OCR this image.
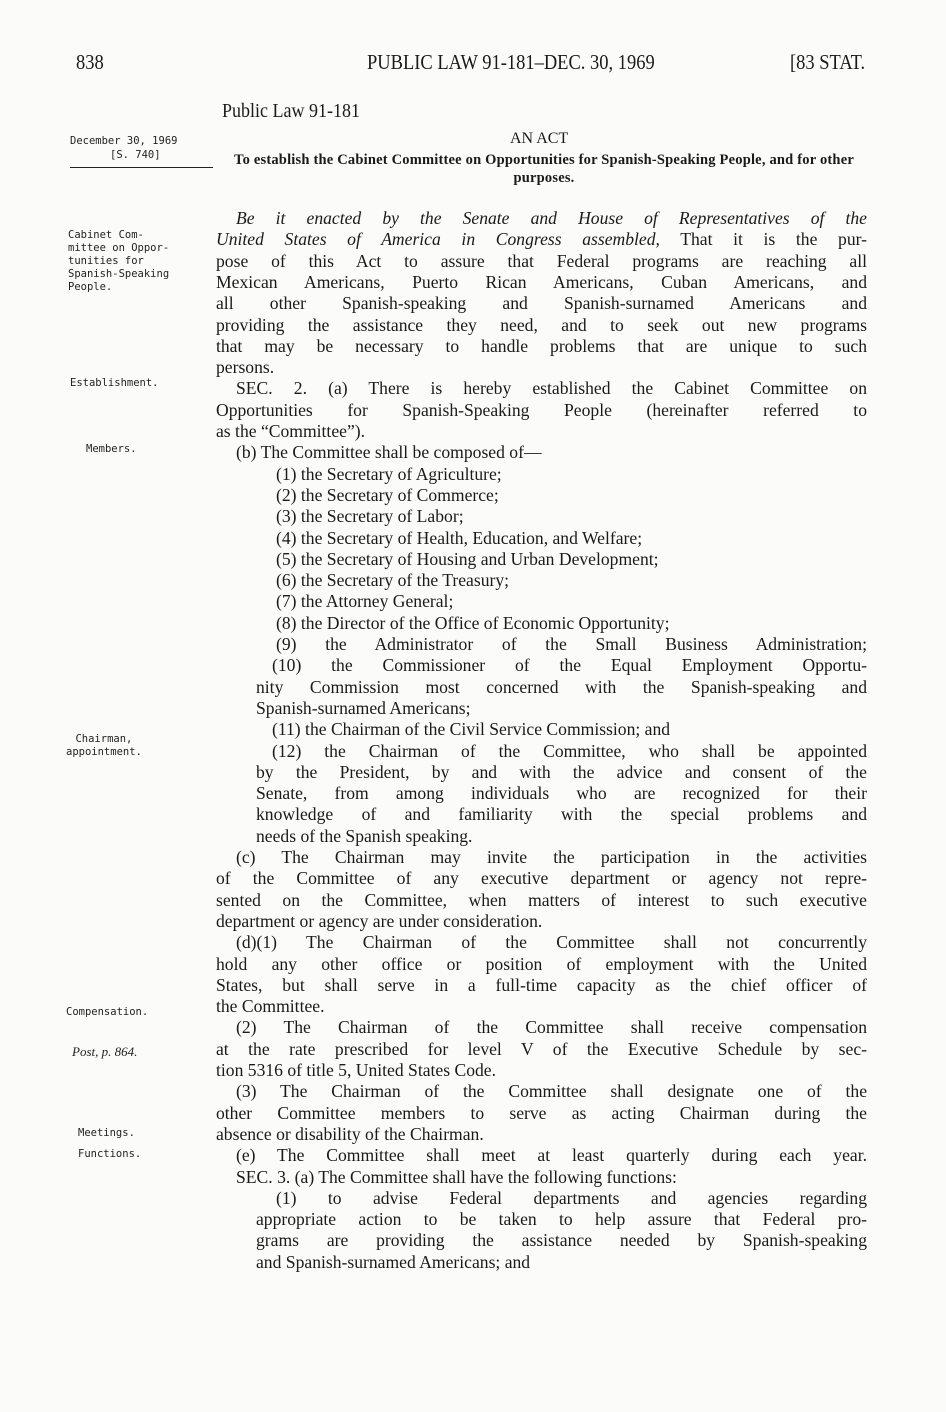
838	PUBLIC LAW 91-181–DEC. 30, 1969	[83 STAT.
Public Law 91-181
AN ACT
To establish the Cabinet Committee on Opportunities for Spanish-Speaking People, and for other purposes.
December 30, 1969
[S. 740]
Cabinet Com-
mittee on Oppor-
tunities for
Spanish-Speaking
People.
Establishment.
Members.
Chairman,
appointment.
Compensation.
Post, p. 864.
Meetings.
Functions.
Be it enacted by the Senate and House of Representatives of the
United States of America in Congress assembled, That it is the pur-
pose of this Act to assure that Federal programs are reaching all
Mexican Americans, Puerto Rican Americans, Cuban Americans, and
all other Spanish-speaking and Spanish-surnamed Americans and
providing the assistance they need, and to seek out new programs
that may be necessary to handle problems that are unique to such
persons.
SEC. 2. (a) There is hereby established the Cabinet Committee on
Opportunities for Spanish-Speaking People (hereinafter referred to
as the “Committee”).
(b) The Committee shall be composed of—
(1) the Secretary of Agriculture;
(2) the Secretary of Commerce;
(3) the Secretary of Labor;
(4) the Secretary of Health, Education, and Welfare;
(5) the Secretary of Housing and Urban Development;
(6) the Secretary of the Treasury;
(7) the Attorney General;
(8) the Director of the Office of Economic Opportunity;
(9) the Administrator of the Small Business Administration;
(10) the Commissioner of the Equal Employment Opportu-
nity Commission most concerned with the Spanish-speaking and
Spanish-surnamed Americans;
(11) the Chairman of the Civil Service Commission; and
(12) the Chairman of the Committee, who shall be appointed
by the President, by and with the advice and consent of the
Senate, from among individuals who are recognized for their
knowledge of and familiarity with the special problems and
needs of the Spanish speaking.
(c) The Chairman may invite the participation in the activities
of the Committee of any executive department or agency not repre-
sented on the Committee, when matters of interest to such executive
department or agency are under consideration.
(d)(1) The Chairman of the Committee shall not concurrently
hold any other office or position of employment with the United
States, but shall serve in a full-time capacity as the chief officer of
the Committee.
(2) The Chairman of the Committee shall receive compensation
at the rate prescribed for level V of the Executive Schedule by sec-
tion 5316 of title 5, United States Code.
(3) The Chairman of the Committee shall designate one of the
other Committee members to serve as acting Chairman during the
absence or disability of the Chairman.
(e) The Committee shall meet at least quarterly during each year.
SEC. 3. (a) The Committee shall have the following functions:
(1) to advise Federal departments and agencies regarding
appropriate action to be taken to help assure that Federal pro-
grams are providing the assistance needed by Spanish-speaking
and Spanish-surnamed Americans; and
